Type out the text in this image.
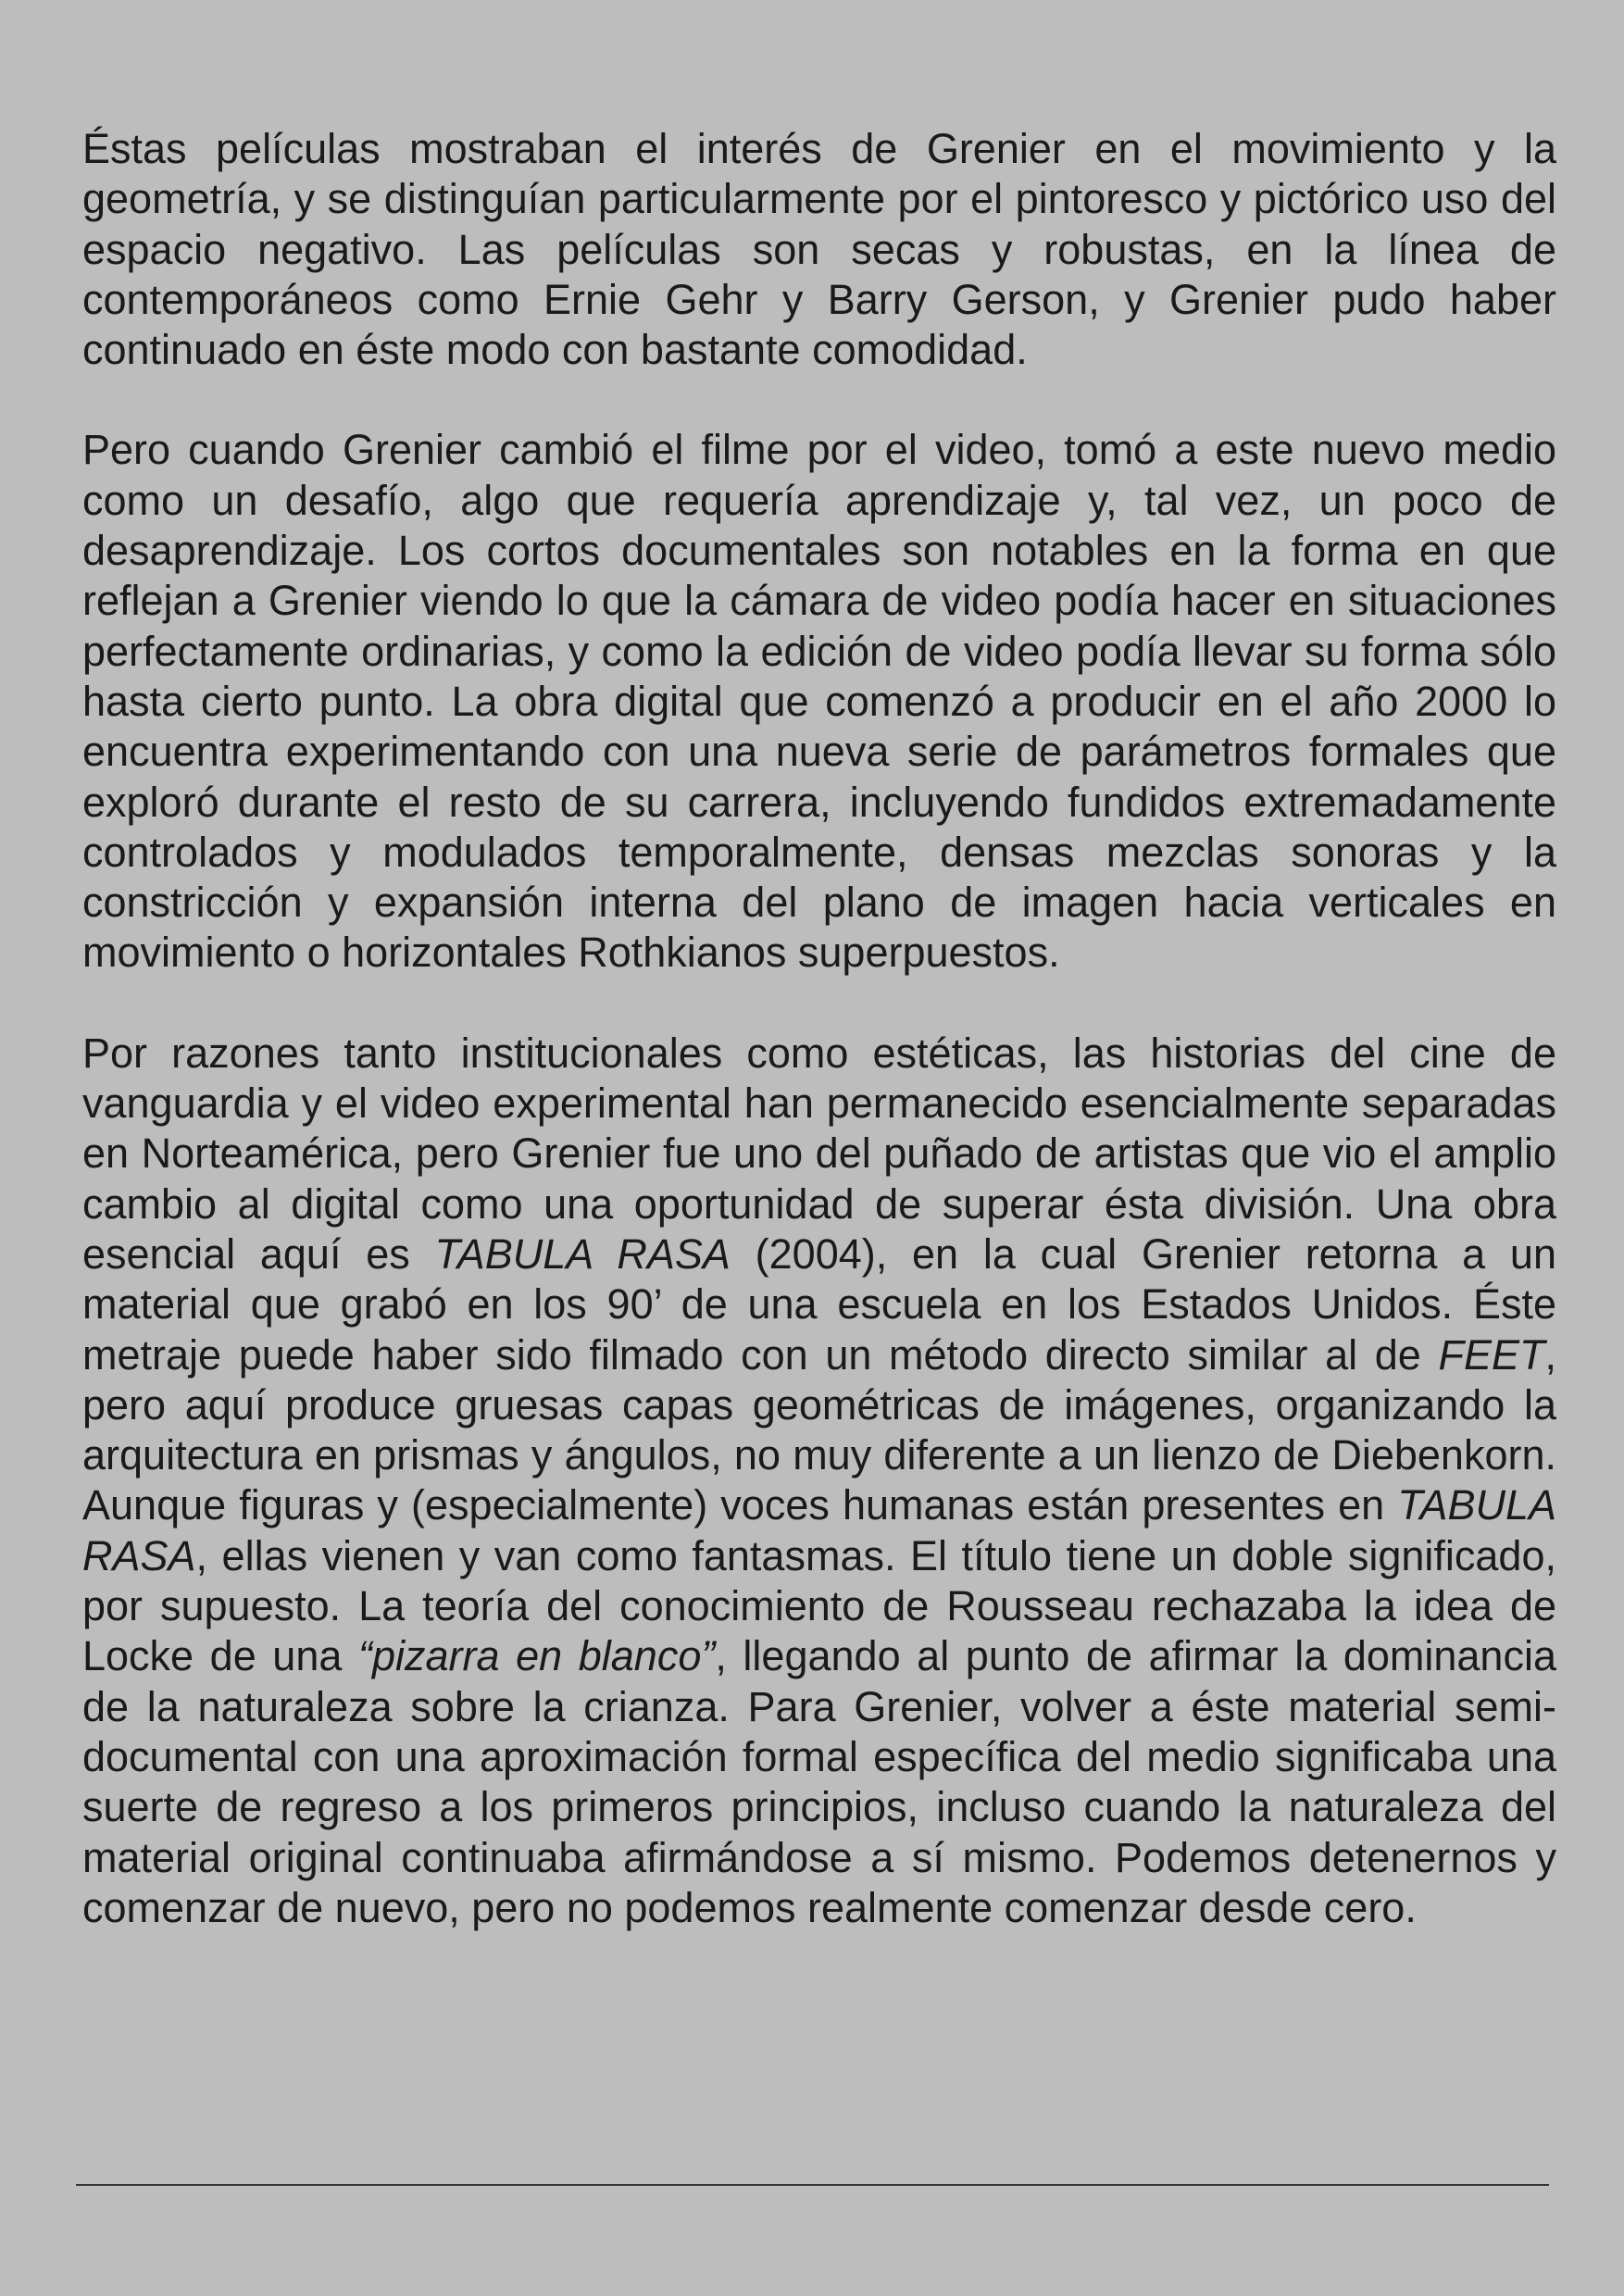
Éstas películas mostraban el interés de Grenier en el movimiento y la geometría, y se distinguían particularmente por el pintoresco y pictórico uso del espacio negativo. Las películas son secas y robustas, en la línea de contemporáneos como Ernie Gehr y Barry Gerson, y Grenier pudo haber continuado en éste modo con bastante comodidad.

Pero cuando Grenier cambió el filme por el video, tomó a este nuevo medio como un desafío, algo que requería aprendizaje y, tal vez, un poco de desaprendizaje. Los cortos documentales son notables en la forma en que reflejan a Grenier viendo lo que la cámara de video podía hacer en situaciones perfectamente ordinarias, y como la edición de video podía llevar su forma sólo hasta cierto punto. La obra digital que comenzó a producir en el año 2000 lo encuentra experimentando con una nueva serie de parámetros formales que exploró durante el resto de su carrera, incluyendo fundidos extremadamente controlados y modulados temporalmente, densas mezclas sonoras y la constricción y expansión interna del plano de imagen hacia verticales en movimiento o horizontales Rothkianos superpuestos.

Por razones tanto institucionales como estéticas, las historias del cine de vanguardia y el video experimental han permanecido esencialmente separadas en Norteamérica, pero Grenier fue uno del puñado de artistas que vio el amplio cambio al digital como una oportunidad de superar ésta división. Una obra esencial aquí es TABULA RASA (2004), en la cual Grenier retorna a un material que grabó en los 90’ de una escuela en los Estados Unidos. Éste metraje puede haber sido filmado con un método directo similar al de FEET, pero aquí produce gruesas capas geométricas de imágenes, organizando la arquitectura en prismas y ángulos, no muy diferente a un lienzo de Diebenkorn. Aunque figuras y (especialmente) voces humanas están presentes en TABULA RASA, ellas vienen y van como fantasmas. El título tiene un doble significado, por supuesto. La teoría del conocimiento de Rousseau rechazaba la idea de Locke de una “pizarra en blanco”, llegando al punto de afirmar la dominancia de la naturaleza sobre la crianza. Para Grenier, volver a éste material semi-documental con una aproximación formal específica del medio significaba una suerte de regreso a los primeros principios, incluso cuando la naturaleza del material original continuaba afirmándose a sí mismo. Podemos detenernos y comenzar de nuevo, pero no podemos realmente comenzar desde cero.
